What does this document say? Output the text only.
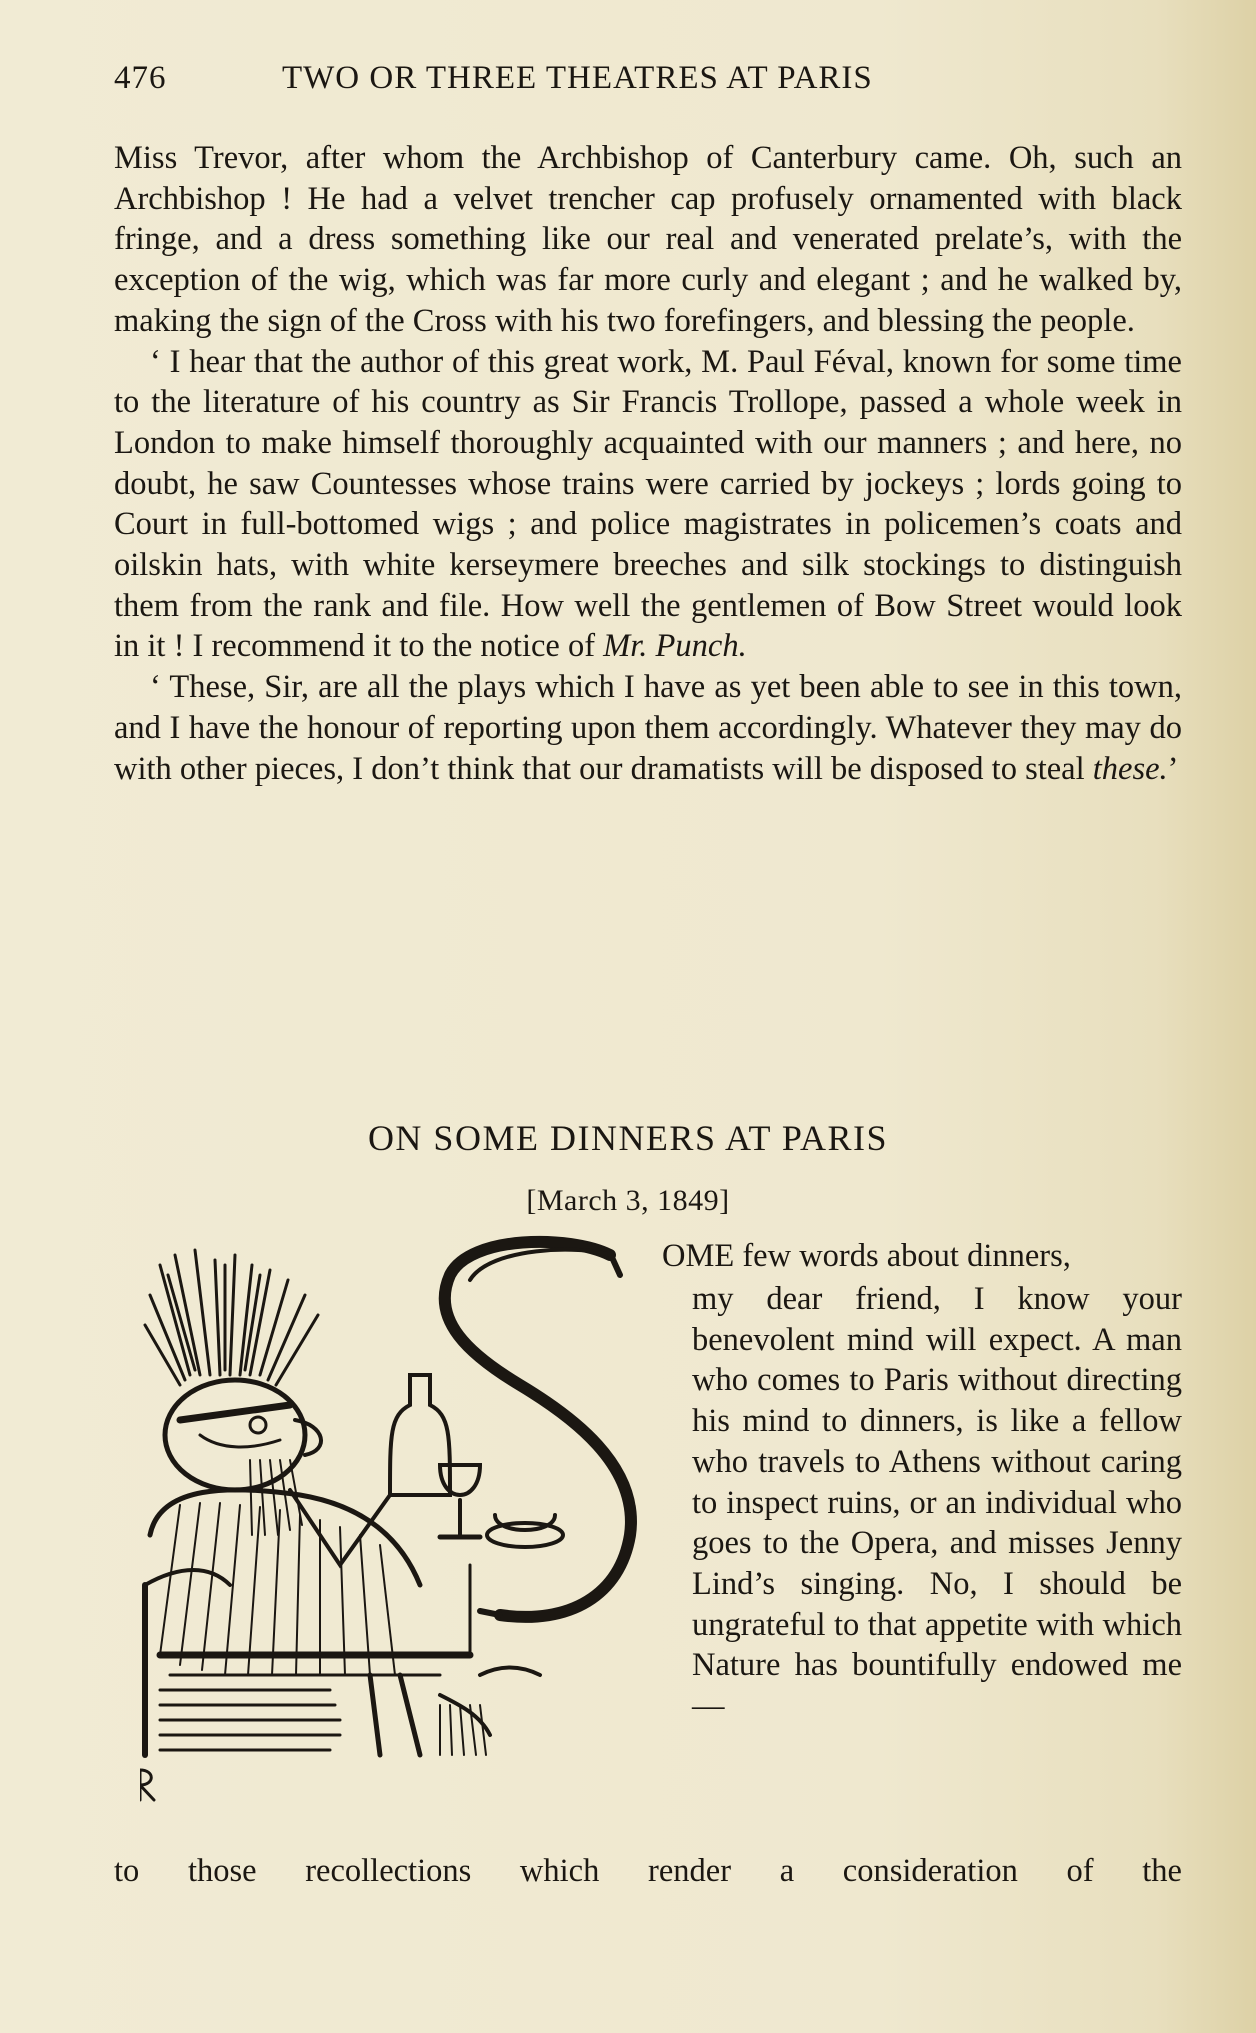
476	TWO OR THREE THEATRES AT PARIS

Miss Trevor, after whom the Archbishop of Canterbury came. Oh, such an Archbishop ! He had a velvet trencher cap profusely ornamented with black fringe, and a dress something like our real and venerated prelate’s, with the exception of the wig, which was far more curly and elegant ; and he walked by, making the sign of the Cross with his two forefingers, and blessing the people.

‘ I hear that the author of this great work, M. Paul Féval, known for some time to the literature of his country as Sir Francis Trollope, passed a whole week in London to make himself thoroughly acquainted with our manners ; and here, no doubt, he saw Countesses whose trains were carried by jockeys ; lords going to Court in full-bottomed wigs ; and police magistrates in policemen’s coats and oilskin hats, with white kerseymere breeches and silk stockings to distinguish them from the rank and file. How well the gentlemen of Bow Street would look in it ! I recommend it to the notice of Mr. Punch.

‘ These, Sir, are all the plays which I have as yet been able to see in this town, and I have the honour of reporting upon them accordingly. Whatever they may do with other pieces, I don’t think that our dramatists will be disposed to steal these.’

ON SOME DINNERS AT PARIS
[March 3, 1849]
OME few words about dinners,
my dear friend, I know your benevolent mind will expect. A man who comes to Paris without directing his mind to dinners, is like a fellow who travels to Athens without caring to inspect ruins, or an individual who goes to the Opera, and misses Jenny Lind’s singing. No, I should be ungrateful to that appetite with which Nature has bountifully endowed me—
to those recollections which render a consideration of the
